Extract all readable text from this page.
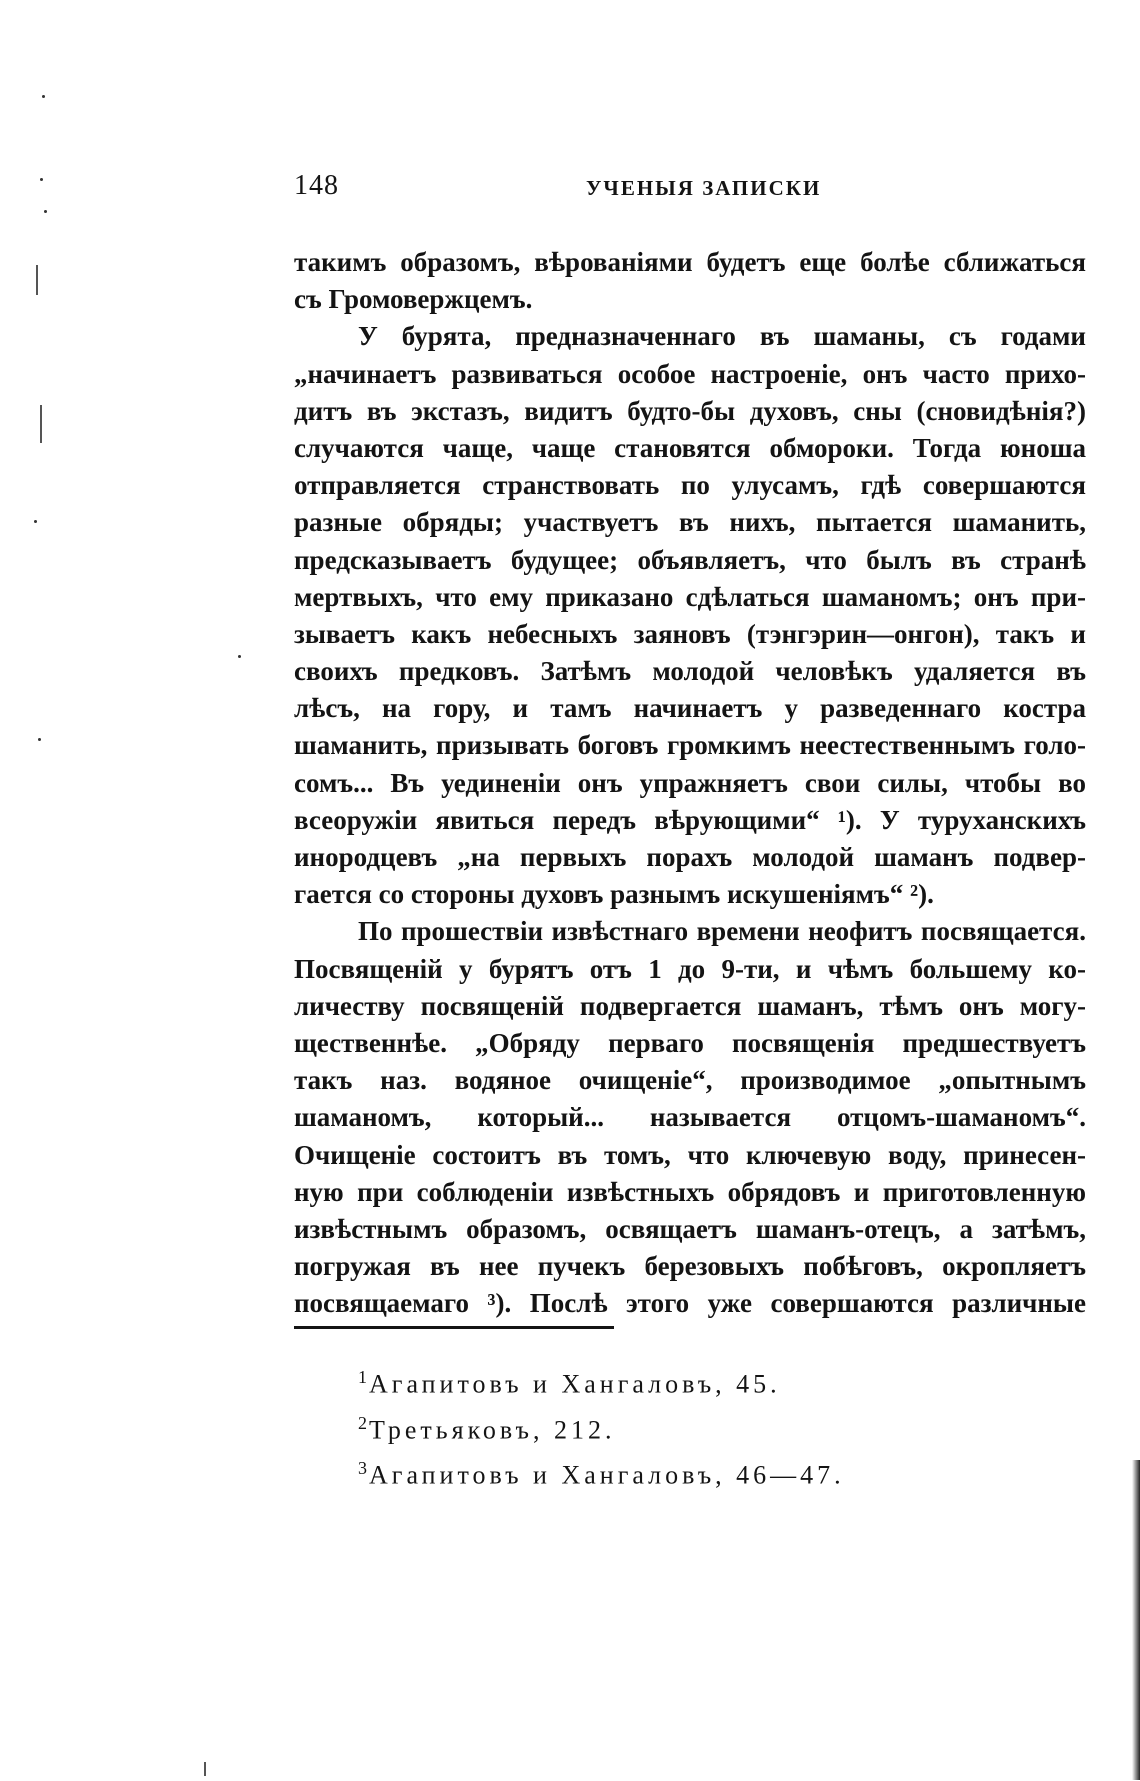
148	УЧЕНЫЯ ЗАПИСКИ
такимъ образомъ, вѣрованіями будетъ еще болѣе сближаться
съ Громовержцемъ.
У бурята, предназначеннаго въ шаманы, съ годами
„начинаетъ развиваться особое настроеніе, онъ часто прихо-
дитъ въ экстазъ, видитъ будто-бы духовъ, сны (сновидѣнія?)
случаются чаще, чаще становятся обмороки. Тогда юноша
отправляется странствовать по улусамъ, гдѣ совершаются
разные обряды; участвуетъ въ нихъ, пытается шаманить,
предсказываетъ будущее; объявляетъ, что былъ въ странѣ
мертвыхъ, что ему приказано сдѣлаться шаманомъ; онъ при-
зываетъ какъ небесныхъ заяновъ (тэнгэрин—онгон), такъ и
своихъ предковъ. Затѣмъ молодой человѣкъ удаляется въ
лѣсъ, на гору, и тамъ начинаетъ у разведеннаго костра
шаманить, призывать боговъ громкимъ неестественнымъ голо-
сомъ... Въ уединеніи онъ упражняетъ свои силы, чтобы во
всеоружіи явиться передъ вѣрующими“ ¹). У туруханскихъ
инородцевъ „на первыхъ порахъ молодой шаманъ подвер-
гается со стороны духовъ разнымъ искушеніямъ“ ²).
По прошествіи извѣстнаго времени неофитъ посвящается.
Посвященій у бурятъ отъ 1 до 9-ти, и чѣмъ большему ко-
личеству посвященій подвергается шаманъ, тѣмъ онъ могу-
щественнѣе. „Обряду перваго посвященія предшествуетъ
такъ наз. водяное очищеніе“, производимое „опытнымъ
шаманомъ, который... называется отцомъ-шаманомъ“.
Очищеніе состоитъ въ томъ, что ключевую воду, принесен-
ную при соблюденіи извѣстныхъ обрядовъ и приготовленную
извѣстнымъ образомъ, освящаетъ шаманъ-отецъ, а затѣмъ,
погружая въ нее пучекъ березовыхъ побѣговъ, окропляетъ
посвящаемаго ³). Послѣ этого уже совершаются различные
$^1$Агапитовъ и Хангаловъ, 45.
$^2$Третьяковъ, 212.
$^3$Агапитовъ и Хангаловъ, 46—47.
